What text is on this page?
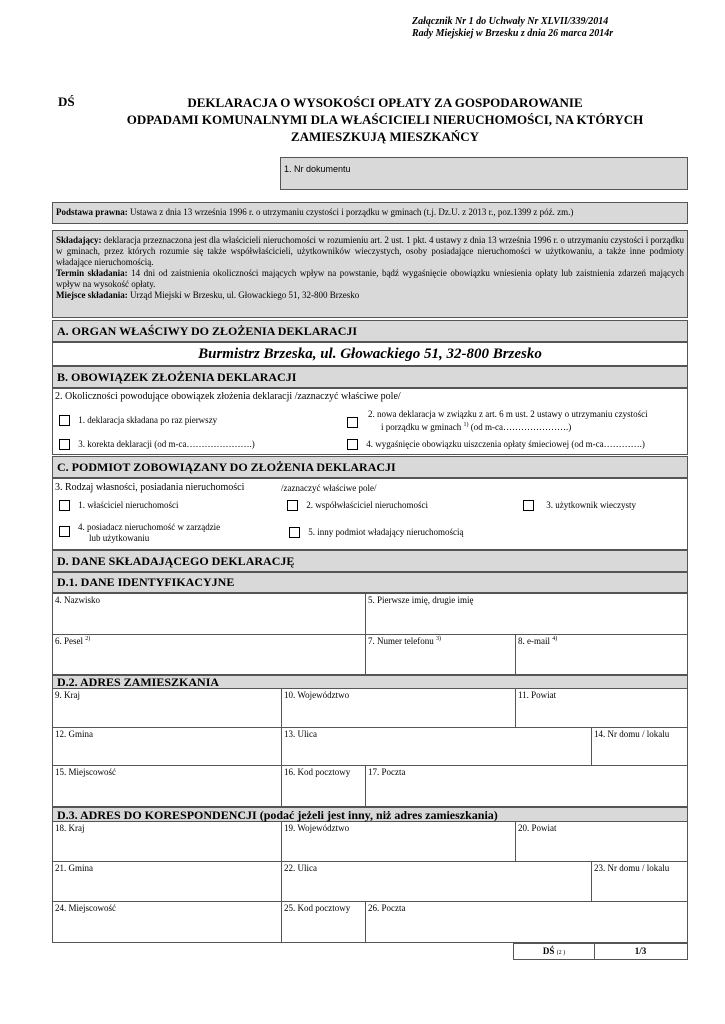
Załącznik Nr 1 do Uchwały Nr XLVII/339/2014
Rady Miejskiej w Brzesku z dnia 26 marca 2014r
DŚ	DEKLARACJA O WYSOKOŚCI OPŁATY ZA GOSPODAROWANIE
ODPADAMI KOMUNALNYMI DLA WŁAŚCICIELI NIERUCHOMOŚCI, NA KTÓRYCH
ZAMIESZKUJĄ MIESZKAŃCY
1. Nr dokumentu
Podstawa prawna: Ustawa z dnia 13 września 1996 r. o utrzymaniu czystości i porządku w gminach (t.j. Dz.U. z 2013 r., poz.1399 z póź. zm.)
Składający: deklaracja przeznaczona jest dla właścicieli nieruchomości w rozumieniu art. 2 ust. 1 pkt. 4 ustawy z dnia 13 września 1996 r. o utrzymaniu czystości i porządku w gminach, przez których rozumie się także współwłaścicieli, użytkowników wieczystych, osoby posiadające nieruchomości w użytkowaniu, a także inne podmioty władające nieruchomością.
Termin składania: 14 dni od zaistnienia okoliczności mających wpływ na powstanie, bądź wygaśnięcie obowiązku wniesienia opłaty lub zaistnienia zdarzeń mających wpływ na wysokość opłaty.
Miejsce składania: Urząd Miejski w Brzesku, ul. Głowackiego 51, 32-800 Brzesko
A. ORGAN WŁAŚCIWY DO ZŁOŻENIA DEKLARACJI
Burmistrz Brzeska, ul. Głowackiego 51, 32-800 Brzesko
B. OBOWIĄZEK ZŁOŻENIA DEKLARACJI
2. Okoliczności powodujące obowiązek złożenia deklaracji /zaznaczyć właściwe pole/
1. deklaracja składana po raz pierwszy
2. nowa deklaracja w związku z art. 6 m ust. 2 ustawy o utrzymaniu czystości
i porządku w gminach $^{1)}$ (od m-ca………………….)
3. korekta deklaracji (od m-ca………………….)	4. wygaśnięcie obowiązku uiszczenia opłaty śmieciowej (od m-ca………….)
C. PODMIOT ZOBOWIĄZANY DO ZŁOŻENIA DEKLARACJI
3. Rodzaj własności, posiadania nieruchomości	/zaznaczyć właściwe pole/
1. właściciel nieruchomości	2. współwłaściciel nieruchomości	3. użytkownik wieczysty
4. posiadacz nieruchomość w zarządzie
lub użytkowaniu
5. inny podmiot władający nieruchomością
D. DANE SKŁADAJĄCEGO DEKLARACJĘ
D.1. DANE IDENTYFIKACYJNE
4. Nazwisko	5. Pierwsze imię, drugie imię
6. Pesel $^{2)}$	7. Numer telefonu $^{3)}$	8. e-mail $^{4)}$
D.2. ADRES ZAMIESZKANIA
9. Kraj	10. Województwo	11. Powiat
12. Gmina	13. Ulica	14. Nr domu / lokalu
15. Miejscowość	16. Kod pocztowy	17. Poczta
D.3. ADRES DO KORESPONDENCJI (podać jeżeli jest inny, niż adres zamieszkania)
18. Kraj	19. Województwo	20. Powiat
21. Gmina	22. Ulica	23. Nr domu / lokalu
24. Miejscowość	25. Kod pocztowy	26. Poczta
DŚ (2 )	1/3
